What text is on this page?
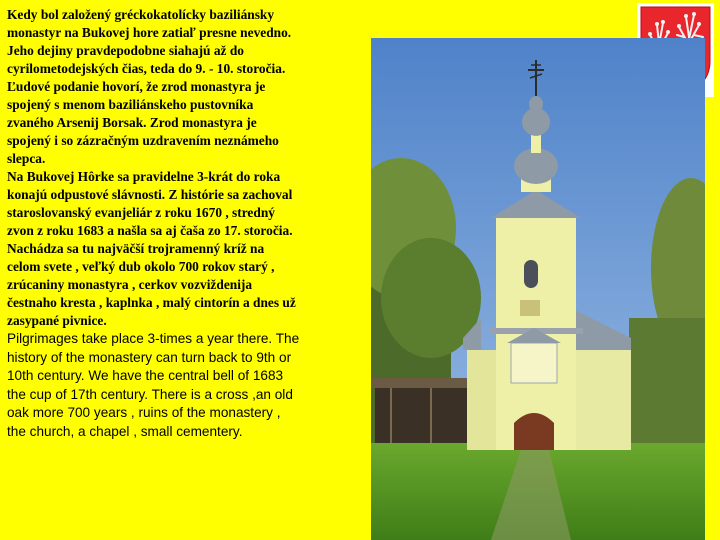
Kedy bol založený gréckokatolícky baziliánsky
monastyr na Bukovej hore zatiaľ presne nevedno.
Jeho dejiny pravdepodobne siahajú až do
cyrilometodejských čias, teda do 9. - 10. storočia.
Ľudové podanie hovorí, že zrod monastyra je
spojený s menom baziliánskeho pustovníka
zvaného Arsenij Borsak. Zrod monastyra je
spojený i so zázračným uzdravením neznámeho
slepca.

Na Bukovej Hôrke sa pravidelne 3-krát do roka
konajú odpustové slávnosti. Z histórie sa zachoval
staroslovanský evanjeliár z roku 1670 , stredný
zvon z roku 1683 a našla sa aj čaša zo 17. storočia.
Nachádza sa tu najväčší trojramenný kríž na
celom svete , veľký dub okolo 700 rokov starý ,
zrúcaniny monastyra , cerkov vozviždenija
čestnaho kresta , kaplnka , malý cintorín a dnes už
zasypané pivnice.

Pilgrimages take place 3-times a year there. The
history of the monastery can turn back to 9th or
10th century. We have the central bell of 1683
the cup of 17th century. There is a cross ,an old
oak more 700 years , ruins of the monastery ,
the church, a chapel , small cementery.
